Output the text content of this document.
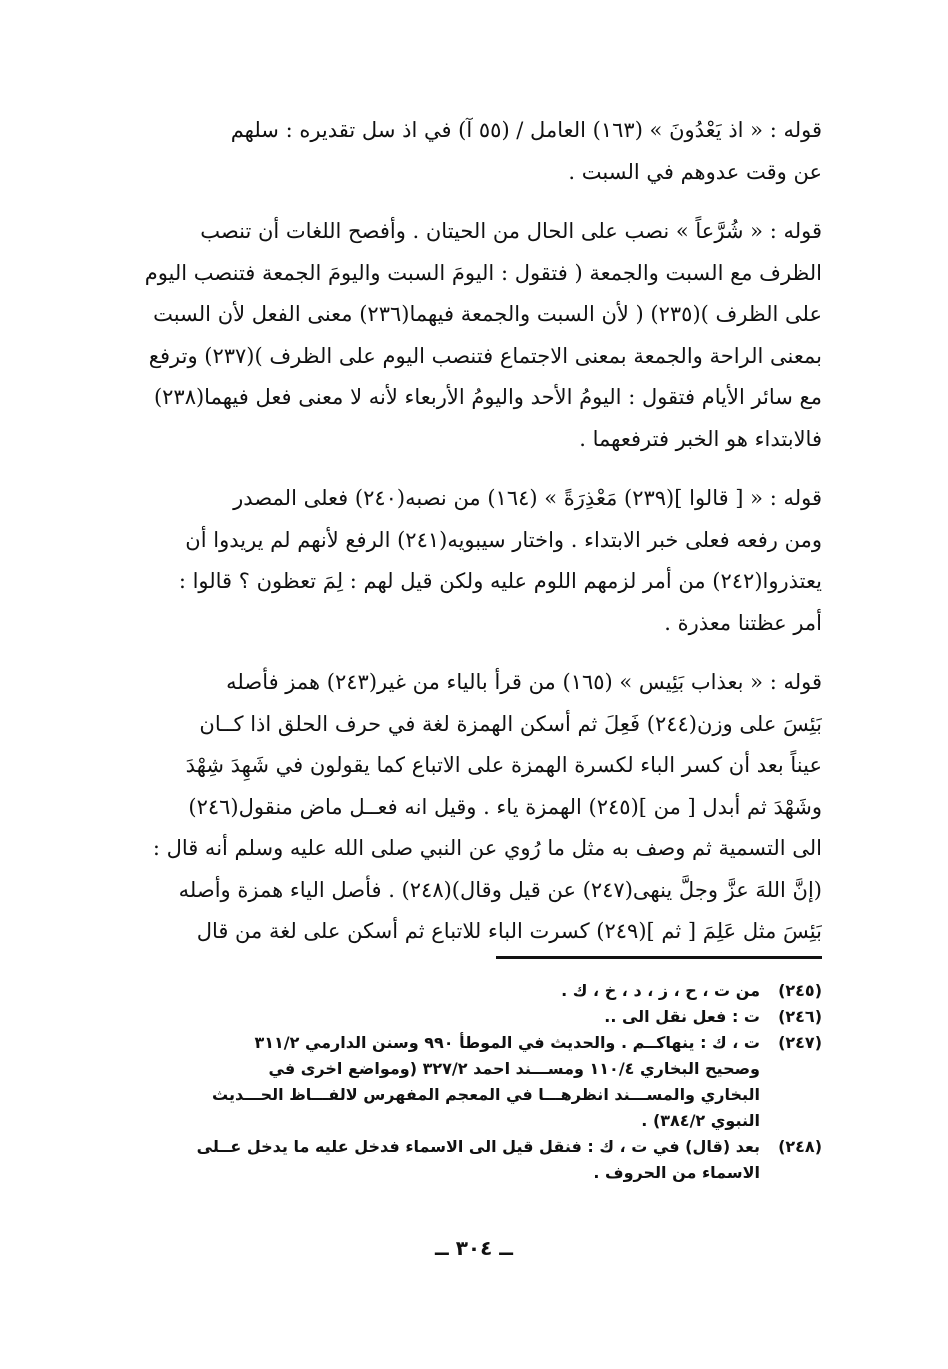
قوله : « اذ يَعْدُونَ » (١٦٣) العامل / (٥٥ آ) في اذ سل تقديره : سلهم
عن وقت عدوهم في السبت .

قوله : « شُرَّعاً » نصب على الحال من الحيتان . وأفصح اللغات أن تنصب
الظرف مع السبت والجمعة ( فتقول : اليومَ السبت واليومَ الجمعة فتنصب اليوم
على الظرف )(٢٣٥) ( لأن السبت والجمعة فيهما(٢٣٦) معنى الفعل لأن السبت
بمعنى الراحة والجمعة بمعنى الاجتماع فتنصب اليوم على الظرف )(٢٣٧) وترفع
مع سائر الأيام فتقول : اليومُ الأحد واليومُ الأربعاء لأنه لا معنى فعل فيهما(٢٣٨)
فالابتداء هو الخبر فترفعهما .

قوله : « [ قالوا ](٢٣٩) مَعْذِرَةً » (١٦٤) من نصبه(٢٤٠) فعلى المصدر
ومن رفعه فعلى خبر الابتداء . واختار سيبويه(٢٤١) الرفع لأنهم لم يريدوا أن
يعتذروا(٢٤٢) من أمر لزمهم اللوم عليه ولكن قيل لهم : لِمَ تعظون ؟ قالوا :
أمر عظتنا معذرة .

قوله : « بعذاب بَئِيس » (١٦٥) من قرأ بالياء من غير(٢٤٣) همز فأصله
بَئِسَ على وزن(٢٤٤) فَعِلَ ثم أسكن الهمزة لغة في حرف الحلق اذا كــان
عيناً بعد أن كسر الباء لكسرة الهمزة على الاتباع كما يقولون في شَهِدَ شِهْدَ
وشَهْدَ ثم أبدل [ من ](٢٤٥) الهمزة ياء . وقيل انه فعــل ماض منقول(٢٤٦)
الى التسمية ثم وصف به مثل ما رُوي عن النبي صلى الله عليه وسلم أنه قال :
(إنَّ اللهَ عزَّ وجلَّ ينهى(٢٤٧) عن قيل وقال)(٢٤٨) . فأصل الياء همزة وأصله
بَئِسَ مثل عَلِمَ [ ثم ](٢٤٩) كسرت الباء للاتباع ثم أسكن على لغة من قال

(٢٤٥)
من ت ، ح ، ز ، د ، خ ، ك .
(٢٤٦)
ت : فعل نقل الى ..
(٢٤٧)
ت ، ك : ينهاكــم . والحديث في الموطأ ٩٩٠ وسنن الدارمي ٣١١/٢
وصحيح البخاري ١١٠/٤ ومســـند احمد ٣٢٧/٢ (ومواضع اخرى في
البخاري والمســـند انظرهـــا في المعجم المفهرس لالفـــاظ الحـــديث
النبوي ٣٨٤/٢) .
(٢٤٨)
بعد (قال) في ت ، ك : فنقل قيل الى الاسماء فدخل عليه ما يدخل عــلى
الاسماء من الحروف .
ــ ٣٠٤ ــ
